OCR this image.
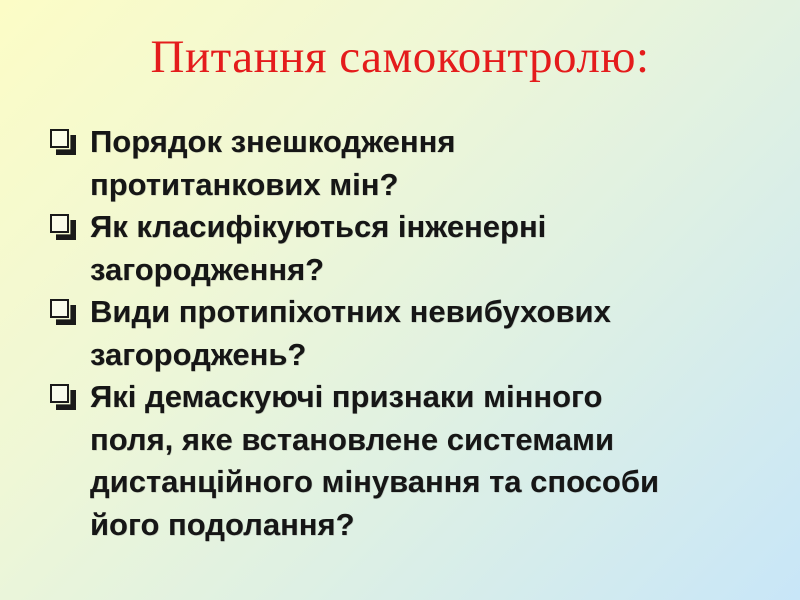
Питання самоконтролю:
Порядок знешкодження
протитанкових мін?
Як класифікуються інженерні
загородження?
Види протипіхотних невибухових
загороджень?
Які демаскуючі признаки мінного
поля, яке встановлене системами
дистанційного мінування та способи
його подолання?
